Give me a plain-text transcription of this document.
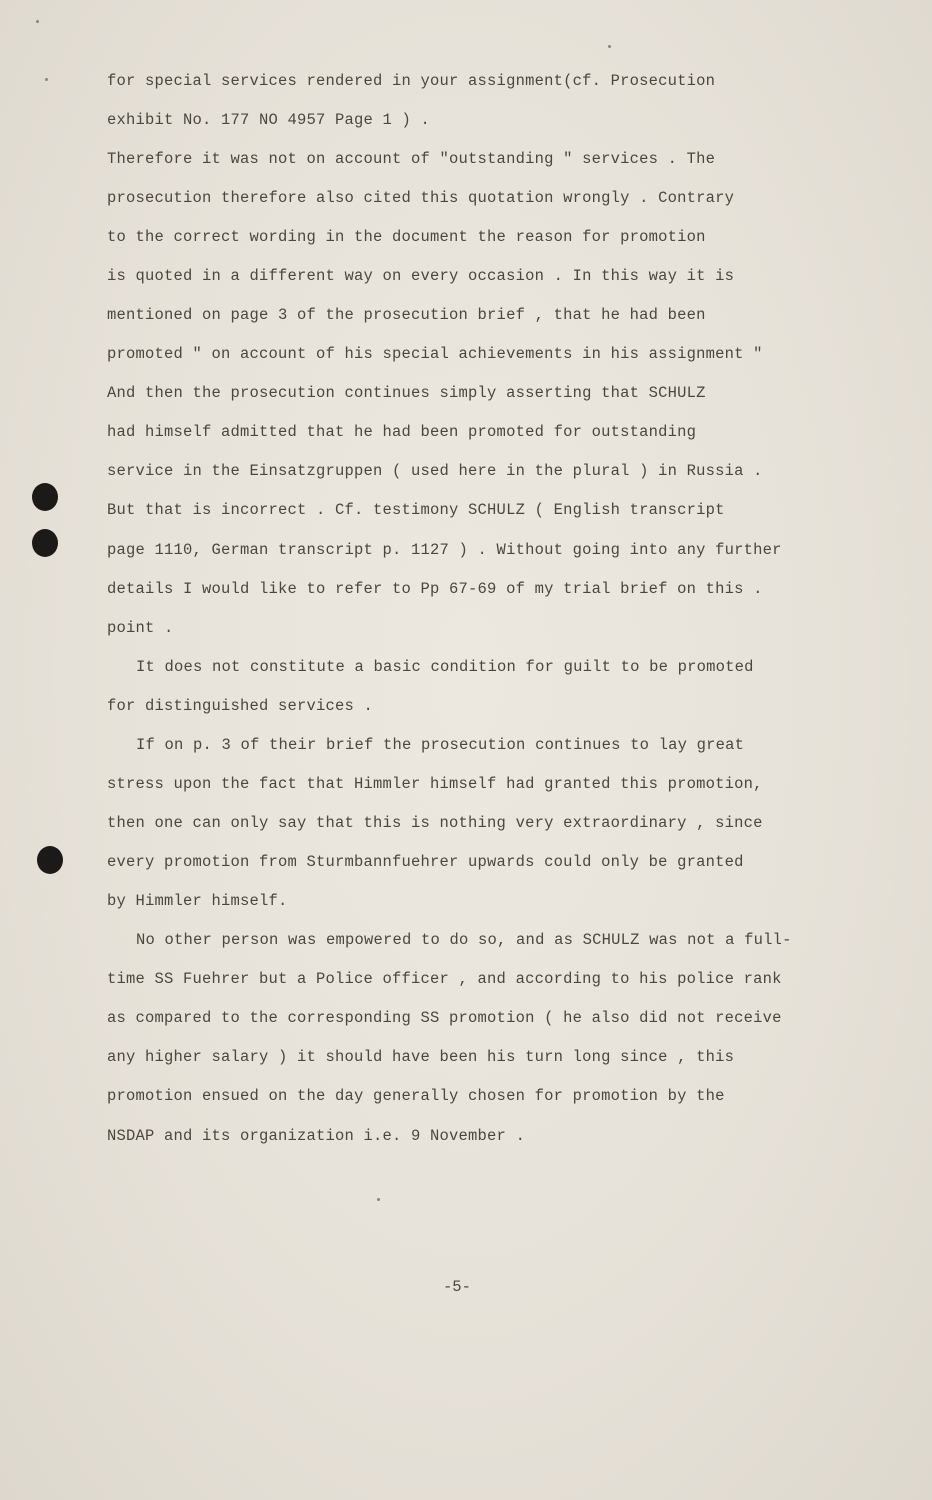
for special services rendered in your assignment(cf. Prosecution
exhibit No. 177 NO 4957 Page 1 ) .
Therefore it was not on account of "outstanding " services . The
prosecution therefore also cited this quotation wrongly . Contrary
to the correct wording in the document the reason for promotion
is quoted in a different way on every occasion . In this way it is
mentioned on page 3 of the prosecution brief , that he had been
promoted " on account of his special achievements in his assignment "
And then the prosecution continues simply asserting that SCHULZ
had himself admitted that he had been promoted for outstanding
service in the Einsatzgruppen ( used here in the plural ) in Russia .
But that is incorrect . Cf. testimony SCHULZ ( English transcript
page 1110, German transcript p. 1127 ) . Without going into any further
details I would like to refer to Pp 67-69 of my trial brief on this .
point .
It does not constitute a basic condition for guilt to be promoted
for distinguished services .
If on p. 3 of their brief the prosecution continues to lay great
stress upon the fact that Himmler himself had granted this promotion,
then one can only say that this is nothing very extraordinary , since
every promotion from Sturmbannfuehrer upwards could only be granted
by Himmler himself.
No other person was empowered to do so, and as SCHULZ was not a full-
time SS Fuehrer but a Police officer , and according to his police rank
as compared to the corresponding SS promotion ( he also did not receive
any higher salary ) it should have been his turn long since , this
promotion ensued on the day generally chosen for promotion by the
NSDAP and its organization i.e. 9 November .
-5-
